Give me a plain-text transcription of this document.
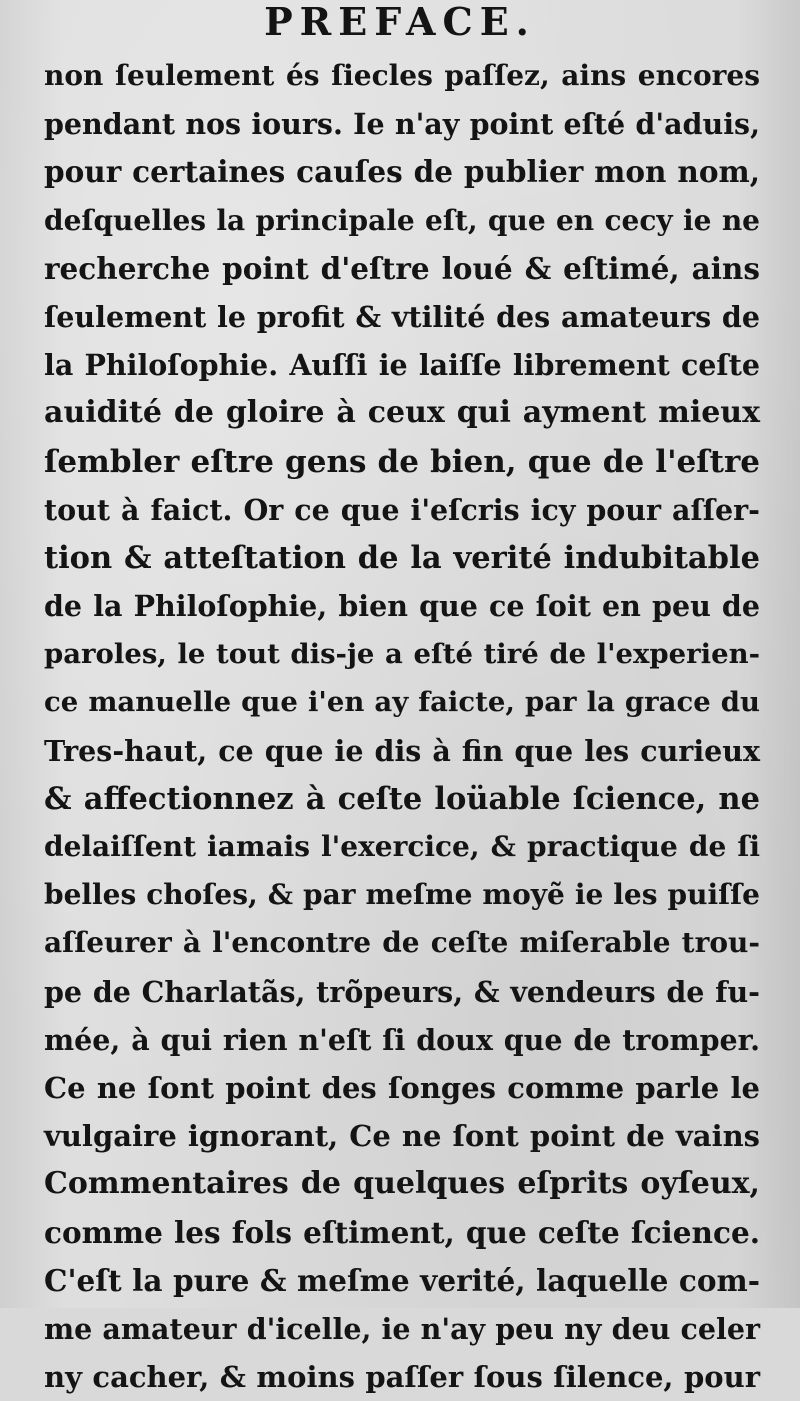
PREFACE.
non ſeulement és ſiecles paſſez, ains encores
pendant nos iours. Ie n'ay point eſté d'aduis,
pour certaines cauſes de publier mon nom,
deſquelles la principale eſt, que en cecy ie ne
recherche point d'eſtre loué & eſtimé, ains
ſeulement le profit & vtilité des amateurs de
la Philoſophie. Auſſi ie laiſſe librement ceſte
auidité de gloire à ceux qui ayment mieux
ſembler eſtre gens de bien, que de l'eſtre
tout à faict. Or ce que i'eſcris icy pour aſſer-
tion & atteſtation de la verité indubitable
de la Philoſophie, bien que ce ſoit en peu de
paroles, le tout dis-je a eſté tiré de l'experien-
ce manuelle que i'en ay faicte, par la grace du
Tres-haut, ce que ie dis à fin que les curieux
& affectionnez à ceſte loüable ſcience, ne
delaiſſent iamais l'exercice, & practique de ſi
belles choſes, & par meſme moyẽ ie les puiſſe
aſſeurer à l'encontre de ceſte miſerable trou-
pe de Charlatãs, trõpeurs, & vendeurs de fu-
mée, à qui rien n'eſt ſi doux que de tromper.
Ce ne ſont point des ſonges comme parle le
vulgaire ignorant, Ce ne ſont point de vains
Commentaires de quelques eſprits oyſeux,
comme les fols eſtiment, que ceſte ſcience.
C'eſt la pure & meſme verité, laquelle com-
me amateur d'icelle, ie n'ay peu ny deu celer
ny cacher, & moins paſſer ſous ſilence, pour
